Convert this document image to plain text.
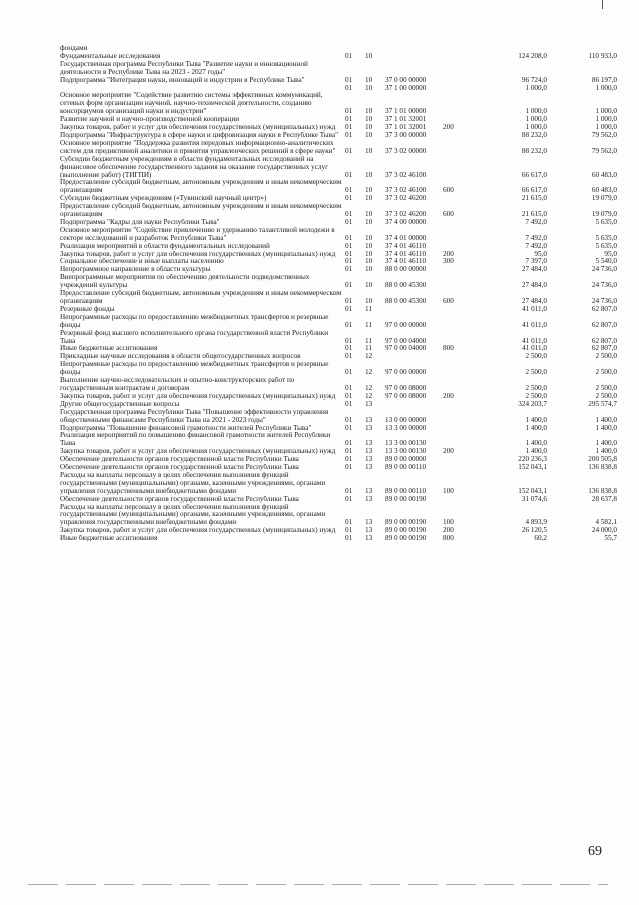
фондами						
Фундаментальные исследования	01	10			124 208,0	110 933,0
Государственная программа Республики Тыва "Развитие науки и инновационной деятельности в Республике Тыва на 2023 - 2027 годы"						
Подпрограмма "Интеграция науки, инноваций и индустрии в Республике Тыва"	01	10	37 0 00 00000		96 724,0	86 197,0
	01	10	37 1 00 00000		1 000,0	1 000,0
Основное мероприятие "Содействие развитию системы эффективных коммуникаций, сетевых форм организации научной, научно-технической деятельности, созданию консорциумов организаций науки и индустрии"	01	10	37 1 01 00000		1 000,0	1 000,0
Развитие научной и научно-производственной кооперации	01	10	37 1 01 32001		1 000,0	1 000,0
Закупка товаров, работ и услуг для обеспечения государственных (муниципальных) нужд	01	10	37 1 01 32001	200	1 000,0	1 000,0
Подпрограмма "Инфраструктура в сфере науки и цифровизация науки в Республике Тыва"	01	10	37 3 00 00000		88 232,0	79 562,0
Основное мероприятие "Поддержка развития передовых информационно-аналитических систем для предиктивной аналитики и принятия управленческих решений в сфере науки"	01	10	37 3 02 00000		88 232,0	79 562,0
Субсидии бюджетным учреждениям в области фундаментальных исследований на финансовое обеспечение государственного задания на оказание государственных услуг (выполнение работ) (ТИГПИ)	01	10	37 3 02 46100		66 617,0	60 483,0
Предоставление субсидий бюджетным, автономным учреждениям и иным некоммерческим организациям	01	10	37 3 02 46100	600	66 617,0	60 483,0
Субсидии бюджетным учреждениям («Тувинский научный центр»)	01	10	37 3 02 46200		21 615,0	19 079,0
Предоставление субсидий бюджетным, автономным учреждениям и иным некоммерческим организациям	01	10	37 3 02 46200	600	21 615,0	19 079,0
Подпрограмма "Кадры для науки Республики Тыва"	01	10	37 4 00 00000		7 492,0	5 635,0
Основное мероприятие "Содействие привлечению и удержанию талантливой молодежи в секторе исследований и разработок Республики Тыва"	01	10	37 4 01 00000		7 492,0	5 635,0
Реализация мероприятий в области фундаментальных исследований	01	10	37 4 01 46110		7 492,0	5 635,0
Закупка товаров, работ и услуг для обеспечения государственных (муниципальных) нужд	01	10	37 4 01 46110	200	95,0	95,0
Социальное обеспечение и иные выплаты населению	01	10	37 4 01 46110	300	7 397,0	5 540,0
Непрограммное направление в области культуры	01	10	88 0 00 00000		27 484,0	24 736,0
Внепрограммные мероприятия по обеспечению деятельности подведомственных учреждений культуры	01	10	88 0 00 45300		27 484,0	24 736,0
Предоставление субсидий бюджетным, автономным учреждениям и иным некоммерческим организациям	01	10	88 0 00 45300	600	27 484,0	24 736,0
Резервные фонды	01	11			41 011,0	62 807,0
Непрограммные расходы по предоставлению межбюджетных трансфертов и резервные фонды	01	11	97 0 00 00000		41 011,0	62 807,0
Резервный фонд высшего исполнительного органа государственной власти Республики Тыва	01	11	97 0 00 04000		41 011,0	62 807,0
Иные бюджетные ассигнования	01	11	97 0 00 04000	800	41 011,0	62 807,0
Прикладные научные исследования в области общегосударственных вопросов	01	12			2 500,0	2 500,0
Непрограммные расходы по предоставлению межбюджетных трансфертов и резервные фонды	01	12	97 0 00 00000		2 500,0	2 500,0
Выполнение научно-исследовательских и опытно-конструкторских работ по государственным контрактам и договорам	01	12	97 0 00 08000		2 500,0	2 500,0
Закупка товаров, работ и услуг для обеспечения государственных (муниципальных) нужд	01	12	97 0 00 08000	200	2 500,0	2 500,0
Другие общегосударственные вопросы	01	13			324 203,7	295 574,7
Государственная программа Республики Тыва "Повышение эффективности управления общественными финансами Республики Тыва на 2021 - 2023 годы"	01	13	13 0 00 00000		1 400,0	1 400,0
Подпрограмма "Повышение финансовой грамотности жителей Республики Тыва"	01	13	13 3 00 00000		1 400,0	1 400,0
Реализация мероприятий по повышению финансовой грамотности жителей Республики Тыва	01	13	13 3 00 00130		1 400,0	1 400,0
Закупка товаров, работ и услуг для обеспечения государственных (муниципальных) нужд	01	13	13 3 00 00130	200	1 400,0	1 400,0
Обеспечение деятельности органов государственной власти Республики Тыва	01	13	89 0 00 00000		220 236,3	200 505,8
Обеспечение деятельности органов государственной власти Республики Тыва	01	13	89 0 00 00110		152 043,1	136 838,8
Расходы на выплаты персоналу в целях обеспечения выполнения функций государственными (муниципальными) органами, казенными учреждениями, органами управления государственными внебюджетными фондами	01	13	89 0 00 00110	100	152 043,1	136 838,8
Обеспечение деятельности органов государственной власти Республики Тыва	01	13	89 0 00 00190		31 074,6	28 637,8
Расходы на выплаты персоналу в целях обеспечения выполнения функций государственными (муниципальными) органами, казенными учреждениями, органами управления государственными внебюджетными фондами	01	13	89 0 00 00190	100	4 893,9	4 582,1
Закупка товаров, работ и услуг для обеспечения государственных (муниципальных) нужд	01	13	89 0 00 00190	200	26 120,5	24 000,0
Иные бюджетные ассигнования	01	13	89 0 00 00190	800	60,2	55,7
69
